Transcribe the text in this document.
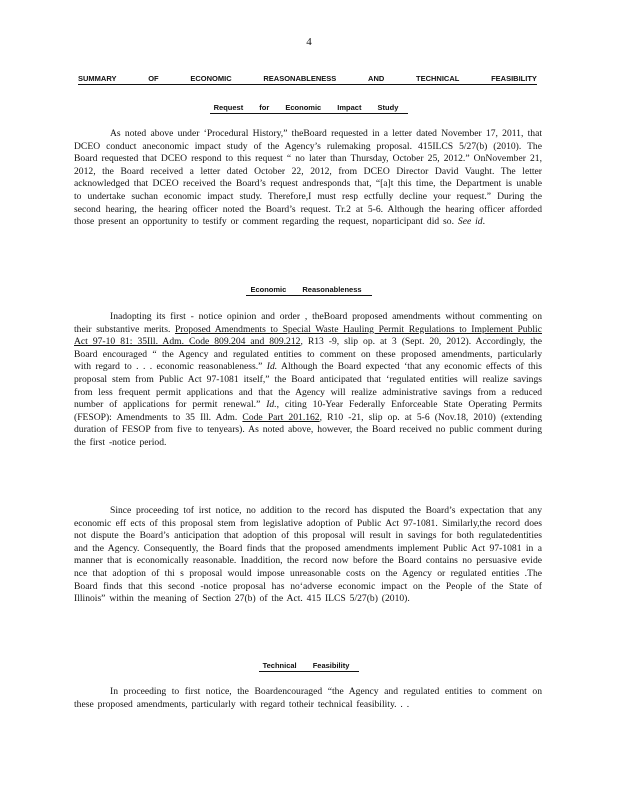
4
SUMMARY	OF	ECONOMIC	REASONABLENESS	AND	TECHNICAL	FEASIBILITY
Request for Economic Impact Study

As noted above under ‘Procedural History,” theBoard requested in a letter dated November 17, 2011, that DCEO conduct aneconomic impact study of the Agency’s rulemaking proposal. 415ILCS 5/27(b) (2010). The Board requested that DCEO respond to this request “ no later than Thursday, October 25, 2012.” OnNovember 21, 2012, the Board received a letter dated October 22, 2012, from DCEO Director David Vaught. The letter acknowledged that DCEO received the Board’s request andresponds that, “[a]t this time, the Department is unable to undertake suchan economic impact study. Therefore,I must resp ectfully decline your request.” During the second hearing, the hearing officer noted the Board’s request. Tr.2 at 5-6. Although the hearing officer afforded those present an opportunity to testify or comment regarding the request, noparticipant did so. See id.

Economic Reasonableness

Inadopting its first - notice opinion and order , theBoard proposed amendments without commenting on their substantive merits. Proposed Amendments to Special Waste Hauling Permit Regulations to Implement Public Act 97-10 81: 35Ill. Adm. Code 809.204 and 809.212, R13 -9, slip op. at 3 (Sept. 20, 2012). Accordingly, the Board encouraged “ the Agency and regulated entities to comment on these proposed amendments, particularly with regard to . . . economic reasonableness.” Id. Although the Board expected ‘that any economic effects of this proposal stem from Public Act 97-1081 itself,” the Board anticipated that ‘regulated entities will realize savings from less frequent permit applications and that the Agency will realize administrative savings from a reduced number of applications for permit renewal.” Id., citing 10-Year Federally Enforceable State Operating Permits (FESOP): Amendments to 35 Ill. Adm. Code Part 201.162, R10 -21, slip op. at 5-6 (Nov.18, 2010) (extending duration of FESOP from five to tenyears). As noted above, however, the Board received no public comment during the first -notice period.

Since proceeding tof irst notice, no addition to the record has disputed the Board’s expectation that any economic eff ects of this proposal stem from legislative adoption of Public Act 97-1081. Similarly,the record does not dispute the Board’s anticipation that adoption of this proposal will result in savings for both regulatedentities and the Agency. Consequently, the Board finds that the proposed amendments implement Public Act 97-1081 in a manner that is economically reasonable. Inaddition, the record now before the Board contains no persuasive evide nce that adoption of thi s proposal would impose unreasonable costs on the Agency or regulated entities .The Board finds that this second -notice proposal has no‘adverse economic impact on the People of the State of Illinois” within the meaning of Section 27(b) of the Act. 415 ILCS 5/27(b) (2010).

Technical Feasibility

In proceeding to first notice, the Boardencouraged “the Agency and regulated entities to comment on these proposed amendments, particularly with regard totheir technical feasibility. . .
